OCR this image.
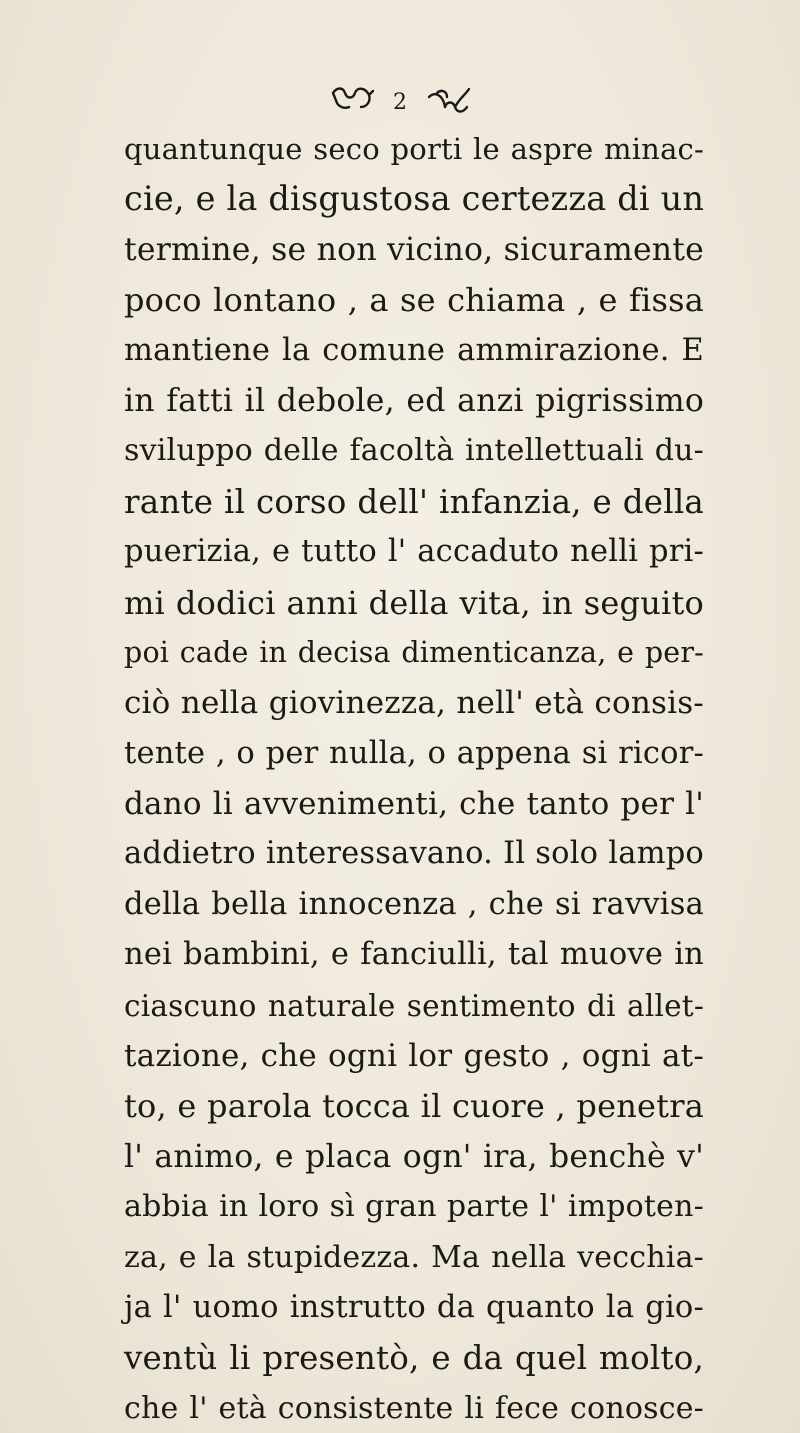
2
quantunque seco porti le aspre minac-
cie, e la disgustosa certezza di un
termine, se non vicino, sicuramente
poco lontano , a se chiama , e fissa
mantiene la comune ammirazione. E
in fatti il debole, ed anzi pigrissimo
sviluppo delle facoltà intellettuali du-
rante il corso dell' infanzia, e della
puerizia, e tutto l' accaduto nelli pri-
mi dodici anni della vita, in seguito
poi cade in decisa dimenticanza, e per-
ciò nella giovinezza, nell' età consis-
tente , o per nulla, o appena si ricor-
dano li avvenimenti, che tanto per l'
addietro interessavano. Il solo lampo
della bella innocenza , che si ravvisa
nei bambini, e fanciulli, tal muove in
ciascuno naturale sentimento di allet-
tazione, che ogni lor gesto , ogni at-
to, e parola tocca il cuore , penetra
l' animo, e placa ogn' ira, benchè v'
abbia in loro sì gran parte l' impoten-
za, e la stupidezza. Ma nella vecchia-
ja l' uomo instrutto da quanto la gio-
ventù li presentò, e da quel molto,
che l' età consistente li fece conosce-
